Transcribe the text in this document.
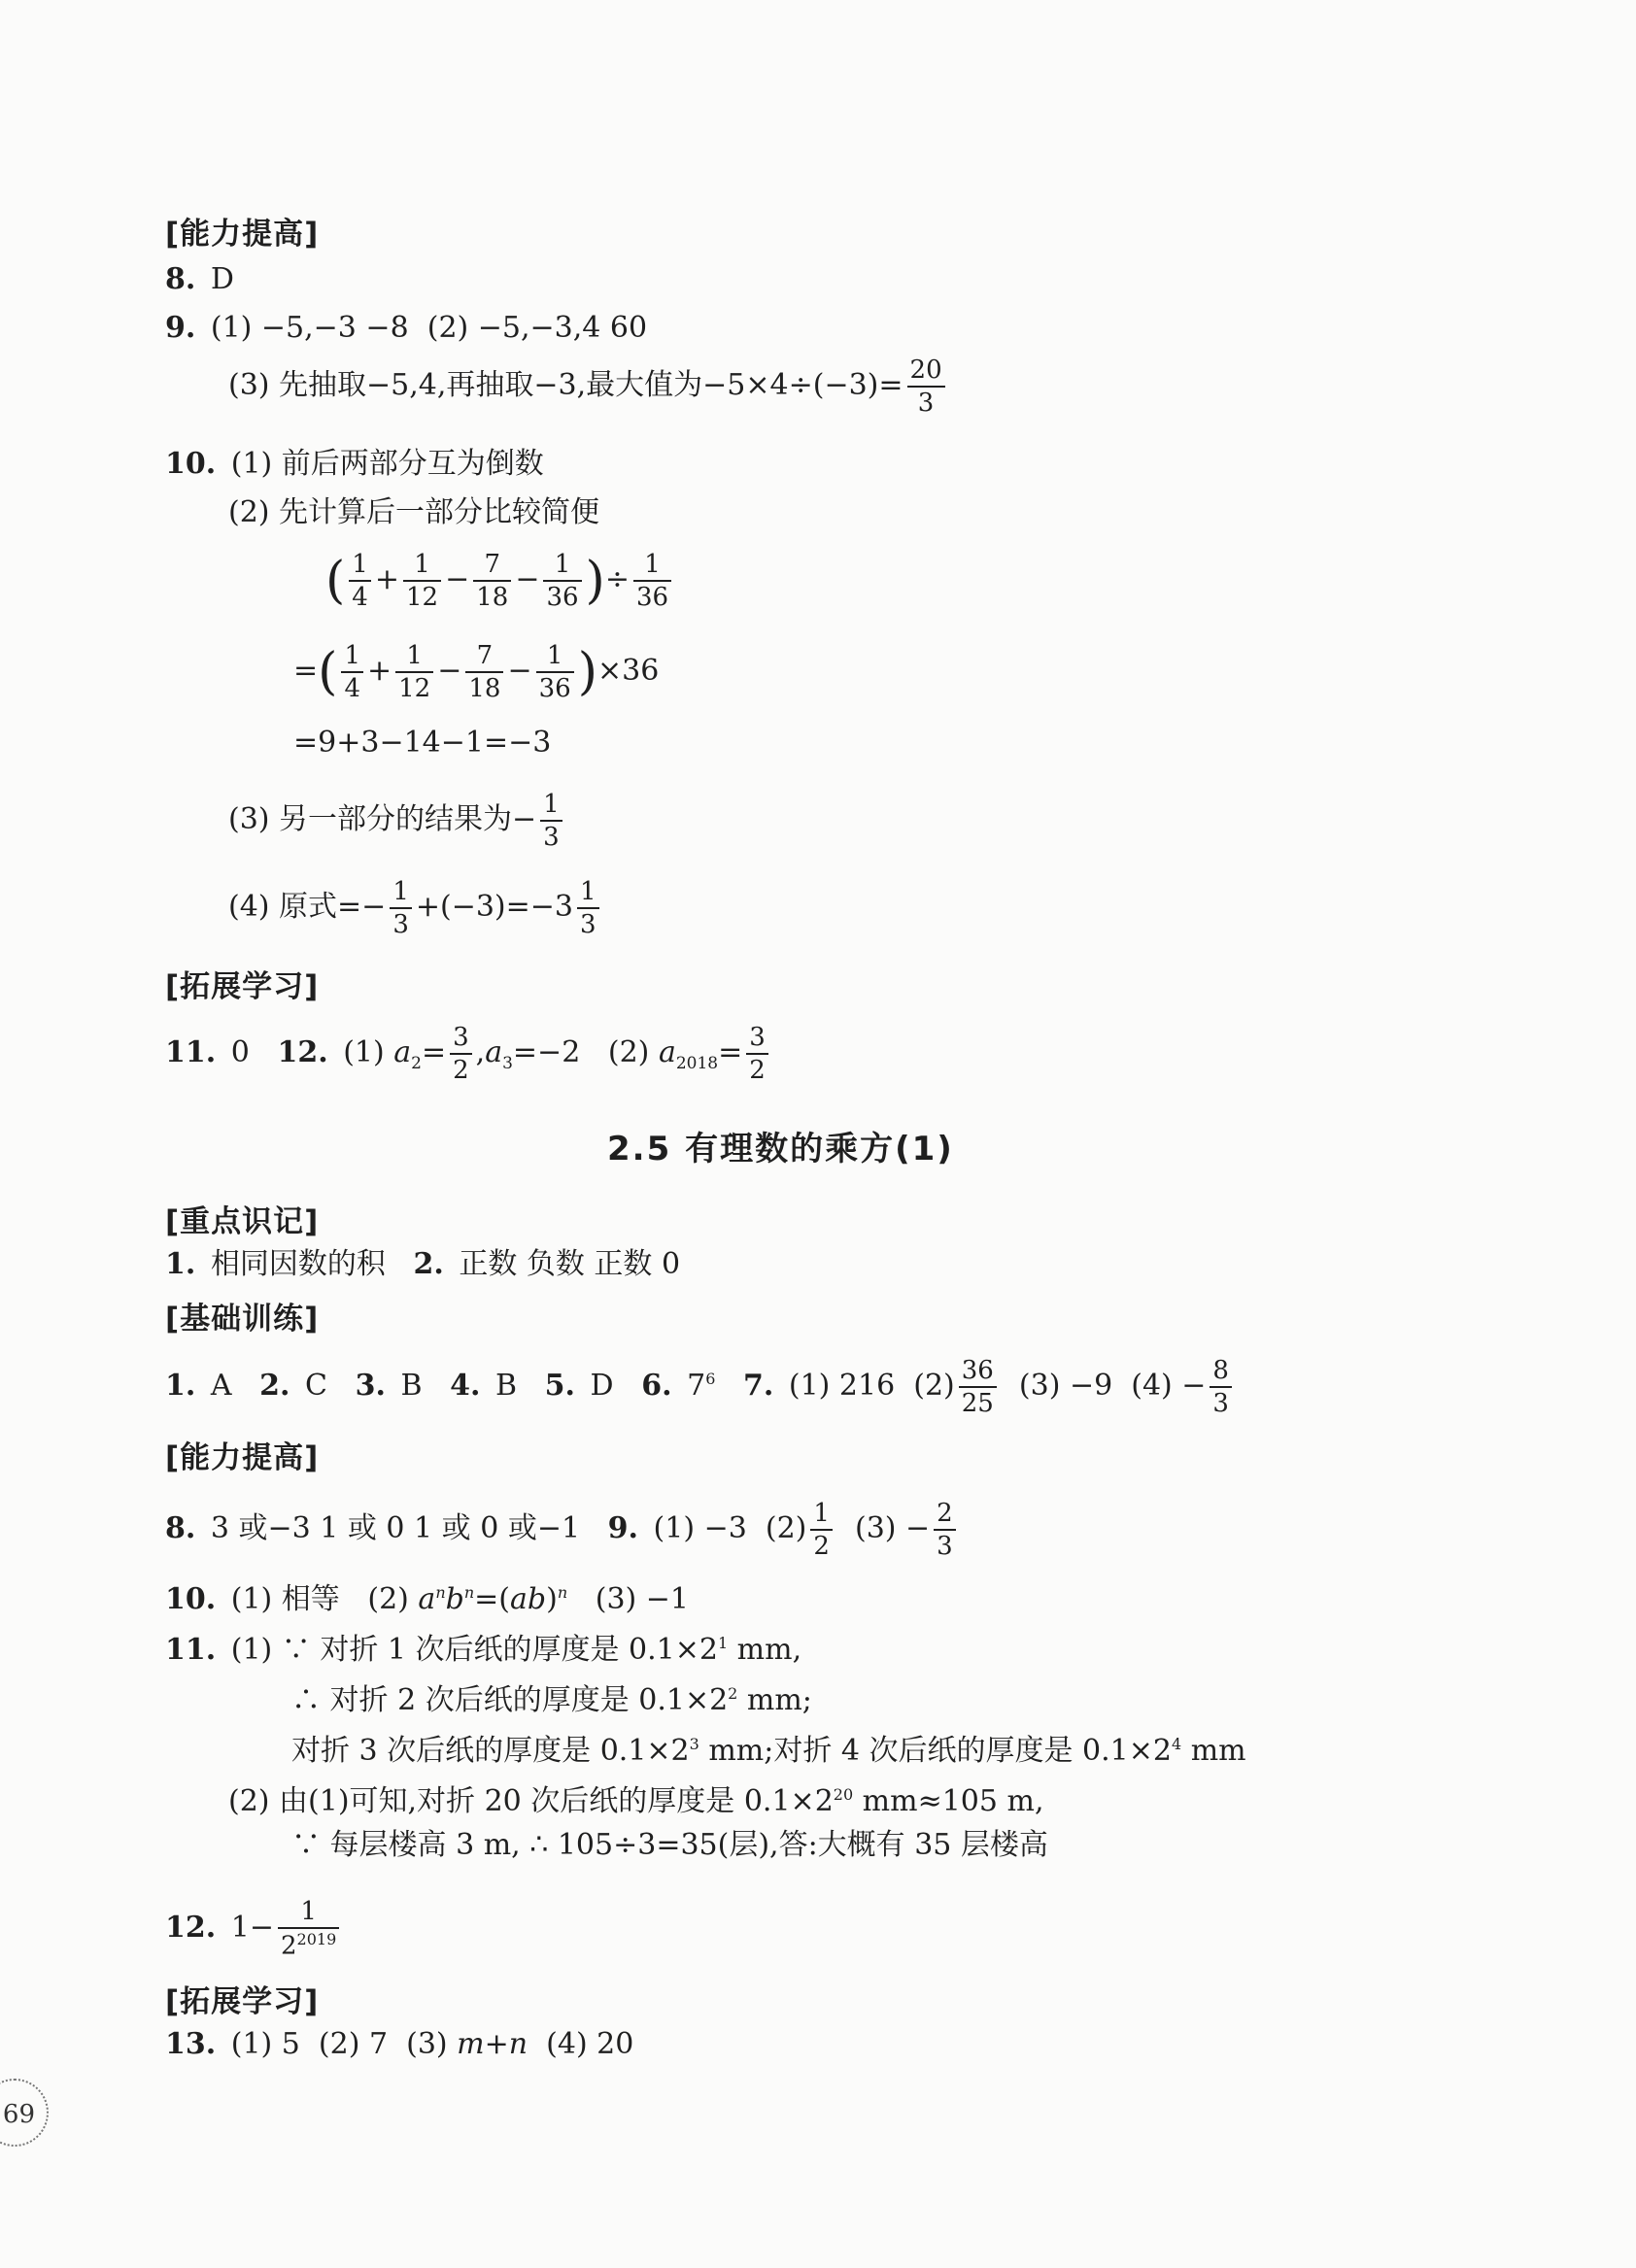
[能力提高]
8. D
9. (1) −5,−3 −8 (2) −5,−3,4 60
(3) 先抽取−5,4,再抽取−3,最大值为$-5\times 4\div(-3)= \frac{20}{3}$
10. (1) 前后两部分互为倒数
(2) 先计算后一部分比较简便
( $\frac{1}{4} + \frac{1}{12} - \frac{7}{18} - \frac{1}{36}$ )÷ $\frac{1}{36}$
=( $\frac{1}{4} + \frac{1}{12} - \frac{7}{18} - \frac{1}{36} )\times 36$
=9+3−14−1=−3
(3) 另一部分的结果为− $\frac{1}{3}$
(4) 原式=− $\frac{1}{3} +(-3)=-3 \frac{1}{3}$
[拓展学习]
11. 0 12. (1) $a_2= \frac{3}{2} ,a_3=-2$   (2) $a_{2018}= \frac{3}{2}$
2.5 有理数的乘方(1)
[重点识记]
1. 相同因数的积 2. 正数 负数 正数 0
[基础训练]
1. A 2. C 3. B 4. B 5. D 6. $7^6$ 7. (1) 216 $(2) \frac{36}{25} (3) -9$ $(4) - \frac{8}{3}$
[能力提高]
8. 3 或−3 1 或 0 1 或 0 或−1 9. (1) −3 $(2) \frac{1}{2} (3) - \frac{2}{3}$
10. (1) 相等   (2) $a^nb^n=(ab)^n$ (3) −1
11. (1) ∵ 对折 1 次后纸的厚度是 $0.1\times 2^1$ mm,
∴ 对折 2 次后纸的厚度是 $0.1\times 2^2$ mm;
对折 3 次后纸的厚度是 $0.1\times 2^3$ mm;对折 4 次后纸的厚度是 $0.1\times 2^4$ mm
(2) 由(1)可知,对折 20 次后纸的厚度是 $0.1\times 2^{20}$ mm≈105 m,
∵ 每层楼高 3 m, ∴ 105÷3=35(层),答:大概有 35 层楼高
12. $1- \frac{1}{2^{2019}}$
[拓展学习]
13. (1) 5  (2) 7  (3) m+n  (4) 20
69
